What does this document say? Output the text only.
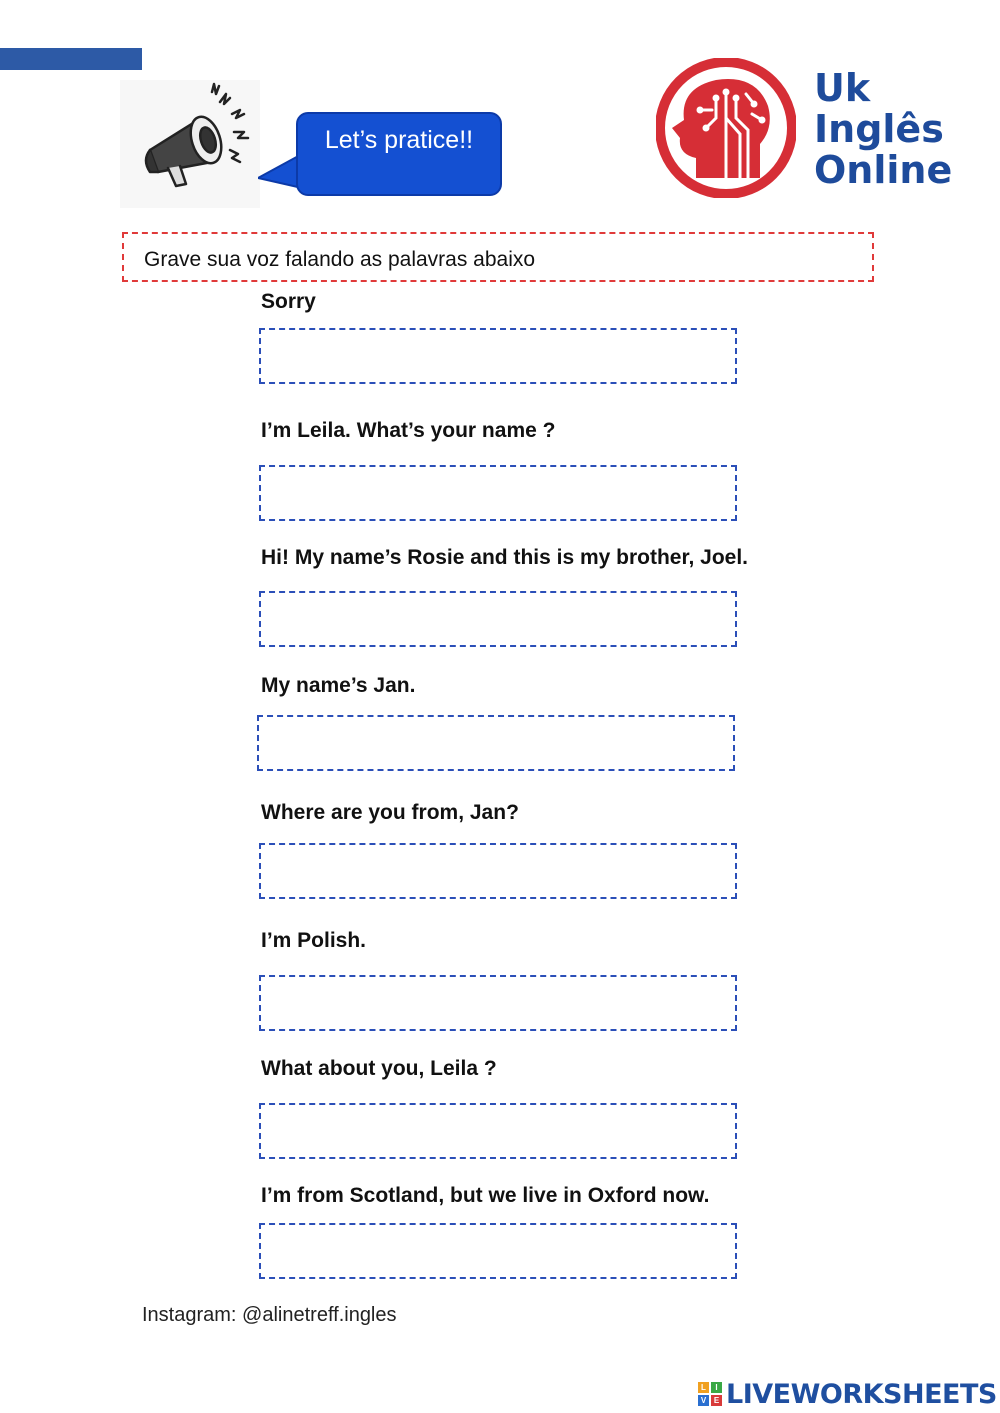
Let’s pratice!!
Uk
Inglês
Online
Grave sua voz falando as palavras abaixo
Sorry
I’m Leila. What’s your name ?
Hi! My name’s Rosie and this is my brother, Joel.
My name’s Jan.
Where are you from, Jan?
I’m Polish.
What about you, Leila ?
I’m from Scotland, but we live in Oxford now.
Instagram: @alinetreff.ingles
L	I
V E LIVEWORKSHEETS
